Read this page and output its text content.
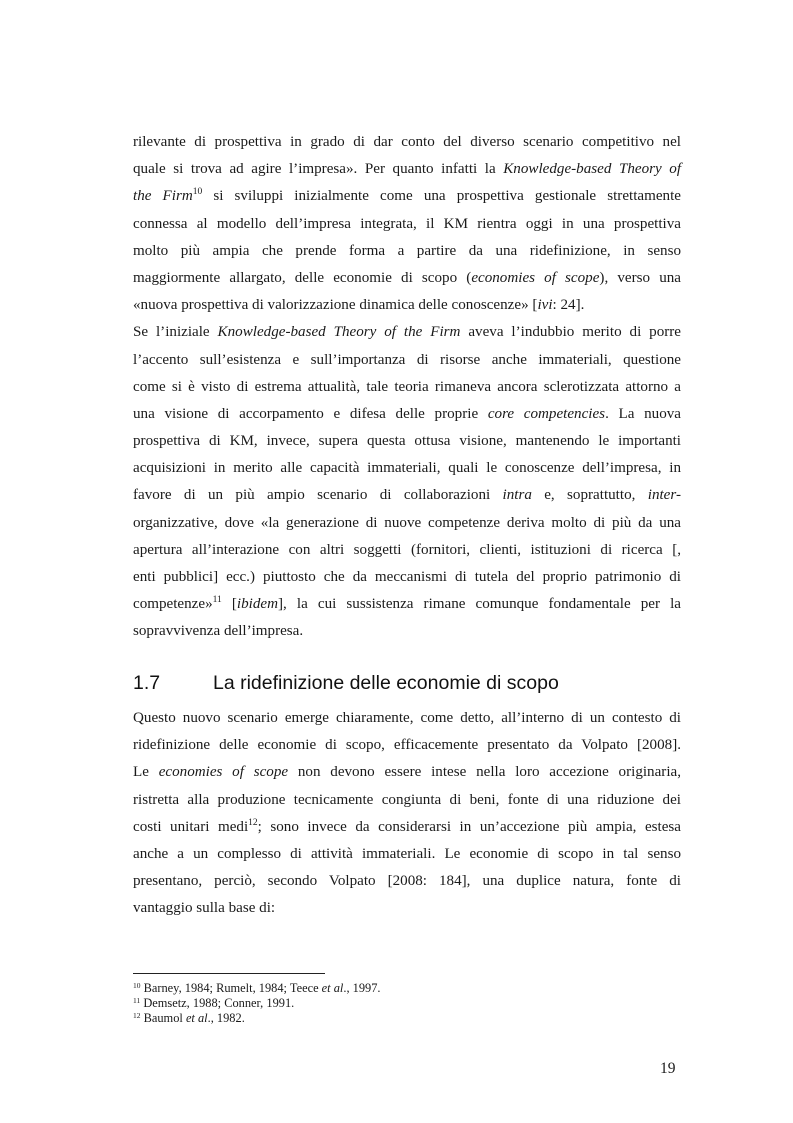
rilevante di prospettiva in grado di dar conto del diverso scenario competitivo nel
quale si trova ad agire l’impresa». Per quanto infatti la Knowledge-based Theory of
the Firm$^{10}$ si sviluppi inizialmente come una prospettiva gestionale strettamente
connessa al modello dell’impresa integrata, il KM rientra oggi in una prospettiva
molto più ampia che prende forma a partire da una ridefinizione, in senso
maggiormente allargato, delle economie di scopo (economies of scope), verso una
«nuova prospettiva di valorizzazione dinamica delle conoscenze» [ivi: 24].
Se l’iniziale Knowledge-based Theory of the Firm aveva l’indubbio merito di porre
l’accento sull’esistenza e sull’importanza di risorse anche immateriali, questione
come si è visto di estrema attualità, tale teoria rimaneva ancora sclerotizzata attorno a
una visione di accorpamento e difesa delle proprie core competencies. La nuova
prospettiva di KM, invece, supera questa ottusa visione, mantenendo le importanti
acquisizioni in merito alle capacità immateriali, quali le conoscenze dell’impresa, in
favore di un più ampio scenario di collaborazioni intra e, soprattutto, inter-
organizzative, dove «la generazione di nuove competenze deriva molto di più da una
apertura all’interazione con altri soggetti (fornitori, clienti, istituzioni di ricerca [,
enti pubblici] ecc.) piuttosto che da meccanismi di tutela del proprio patrimonio di
competenze»$^{11}$ [ibidem], la cui sussistenza rimane comunque fondamentale per la
sopravvivenza dell’impresa.
1.7	La ridefinizione delle economie di scopo
Questo nuovo scenario emerge chiaramente, come detto, all’interno di un contesto di
ridefinizione delle economie di scopo, efficacemente presentato da Volpato [2008].
Le economies of scope non devono essere intese nella loro accezione originaria,
ristretta alla produzione tecnicamente congiunta di beni, fonte di una riduzione dei
costi unitari medi$^{12}$; sono invece da considerarsi in un’accezione più ampia, estesa
anche a un complesso di attività immateriali. Le economie di scopo in tal senso
presentano, perciò, secondo Volpato [2008: 184], una duplice natura, fonte di
vantaggio sulla base di:
$^{10}$ Barney, 1984; Rumelt, 1984; Teece et al., 1997.
$^{11}$ Demsetz, 1988; Conner, 1991.
$^{12}$ Baumol et al., 1982.
19
